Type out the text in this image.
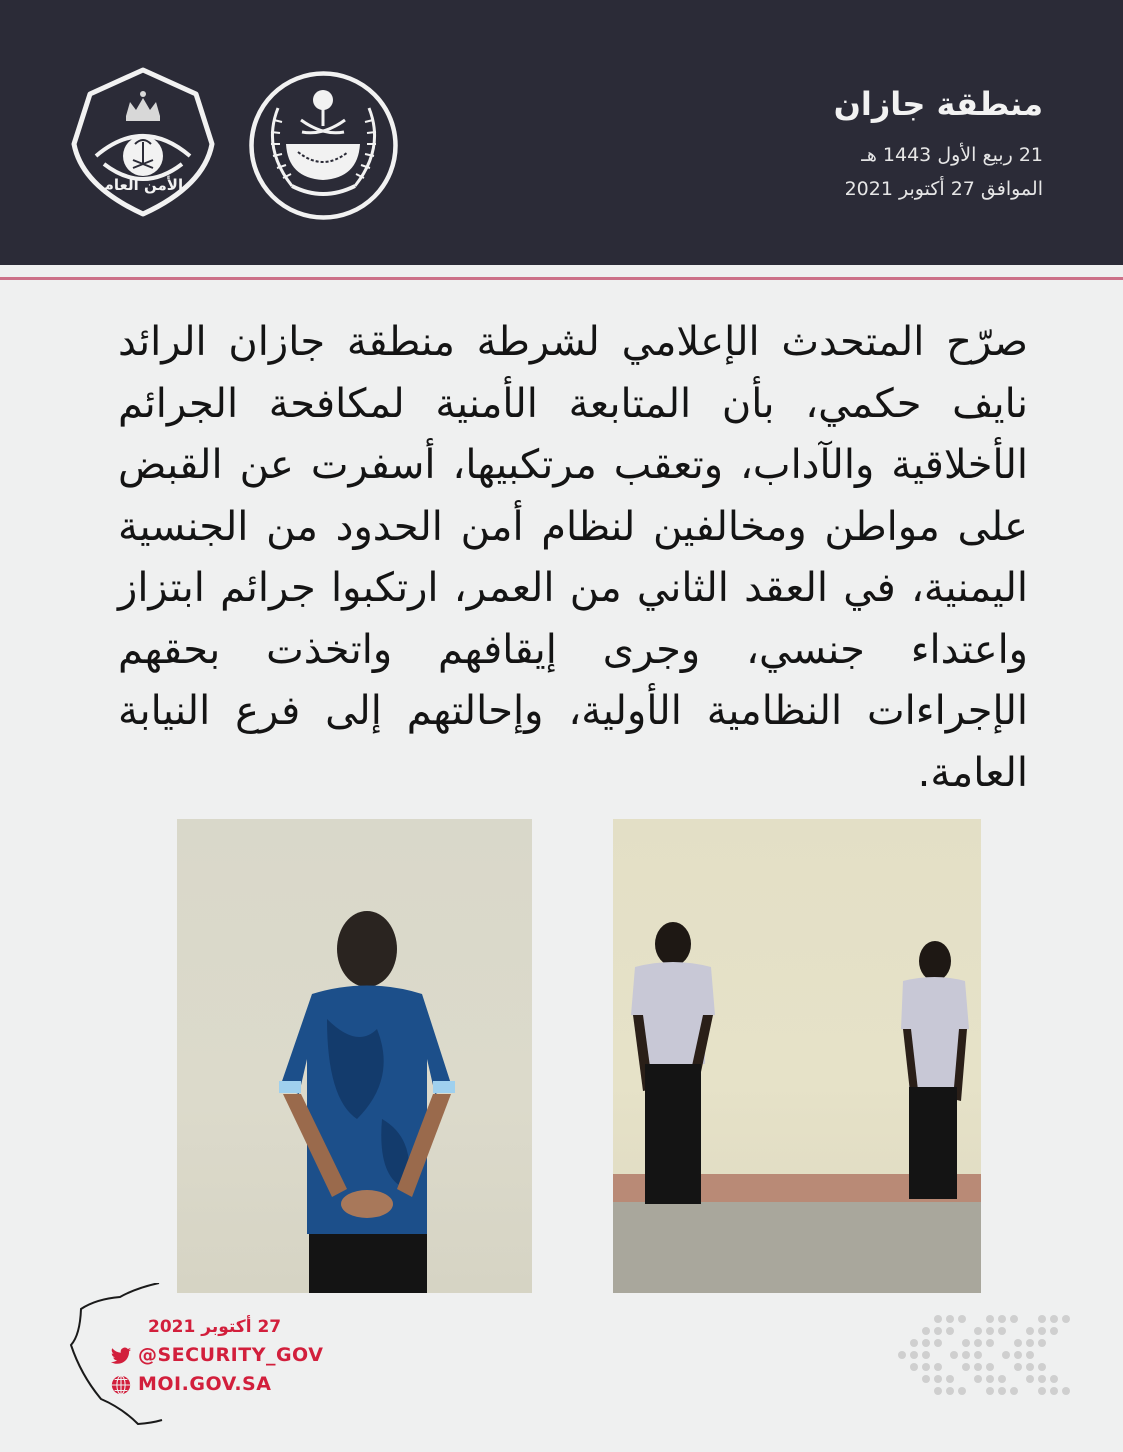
الأمن العام
منطقة جازان
21 ربيع الأول 1443 هـ
الموافق 27 أكتوبر 2021

صرّح المتحدث الإعلامي لشرطة منطقة جازان الرائد نايف حكمي، بأن المتابعة الأمنية لمكافحة الجرائم الأخلاقية والآداب، وتعقب مرتكبيها، أسفرت عن القبض على مواطن ومخالفين لنظام أمن الحدود من الجنسية اليمنية، في العقد الثاني من العمر، ارتكبوا جرائم ابتزاز واعتداء جنسي، وجرى إيقافهم واتخذت بحقهم الإجراءات النظامية الأولية، وإحالتهم إلى فرع النيابة العامة.

27 أكتوبر 2021
@SECURITY_GOV
MOI.GOV.SA
